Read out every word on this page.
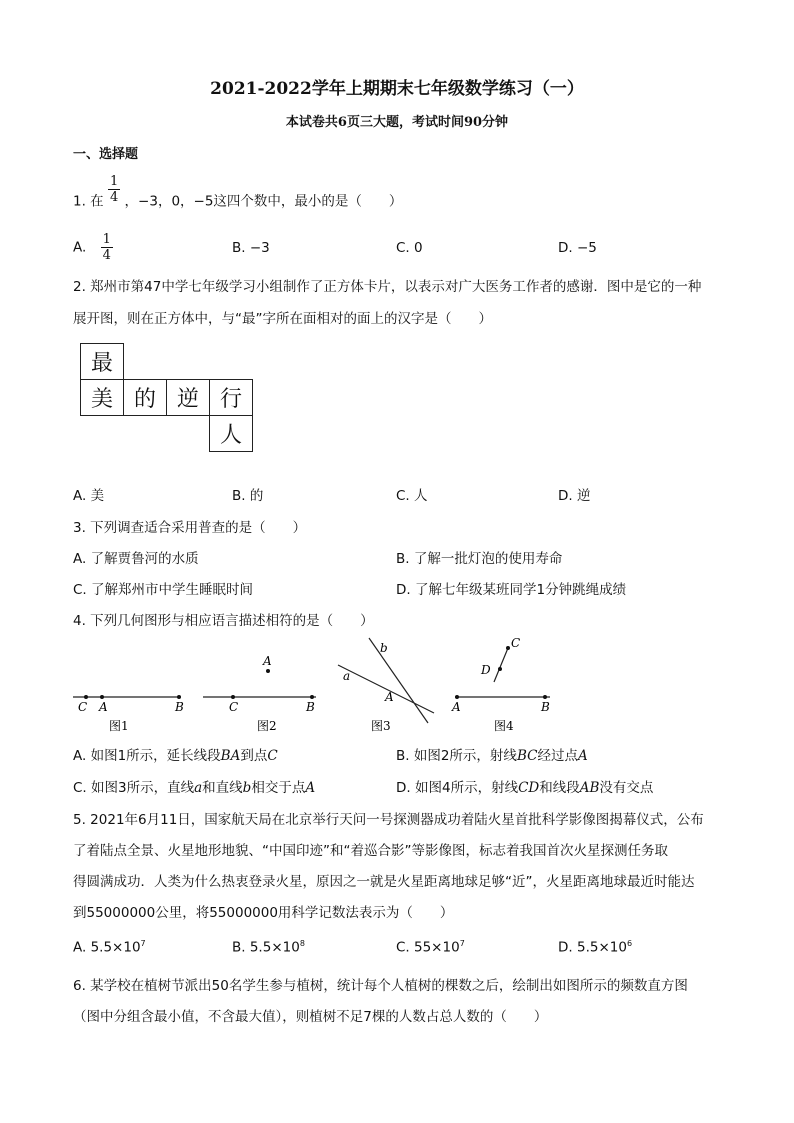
2021-2022学年上期期末七年级数学练习（一）
本试卷共6页三大题，考试时间90分钟
一、选择题
1. 在 $\frac{1}{4}$ ，−3，0，−5这四个数中，最小的是（　　）
A. $\frac{1}{4}$	B. −3	C. 0	D. −5
2. 郑州市第47中学七年级学习小组制作了正方体卡片，以表示对广大医务工作者的感谢．图中是它的一种
展开图，则在正方体中，与“最”字所在面相对的面上的汉字是（　　）
最
美 的 逆 行
人
A. 美	B. 的	C. 人	D. 逆
3. 下列调查适合采用普查的是（　　）
A. 了解贾鲁河的水质	B. 了解一批灯泡的使用寿命
C. 了解郑州市中学生睡眠时间	D. 了解七年级某班同学1分钟跳绳成绩
4. 下列几何图形与相应语言描述相符的是（　　）
C A	B
图1
A
C	B
图2
b
a
A
图3
C
D
A	B
图4
A. 如图1所示，延长线段BA到点C	B. 如图2所示，射线BC经过点A
C. 如图3所示，直线a和直线b相交于点A	D. 如图4所示，射线CD和线段AB没有交点
5. 2021年6月11日，国家航天局在北京举行天问一号探测器成功着陆火星首批科学影像图揭幕仪式，公布
了着陆点全景、火星地形地貌、“中国印迹”和“着巡合影”等影像图，标志着我国首次火星探测任务取
得圆满成功．人类为什么热衷登录火星，原因之一就是火星距离地球足够“近”，火星距离地球最近时能达
到55000000公里，将55000000用科学记数法表示为（　　）
A. $5.5\times 10^7$	B. $5.5\times 10^8$	C. $55\times 10^7$	D. $5.5\times 10^6$
6. 某学校在植树节派出50名学生参与植树，统计每个人植树的棵数之后，绘制出如图所示的频数直方图
（图中分组含最小值，不含最大值），则植树不足7棵的人数占总人数的（　　）
